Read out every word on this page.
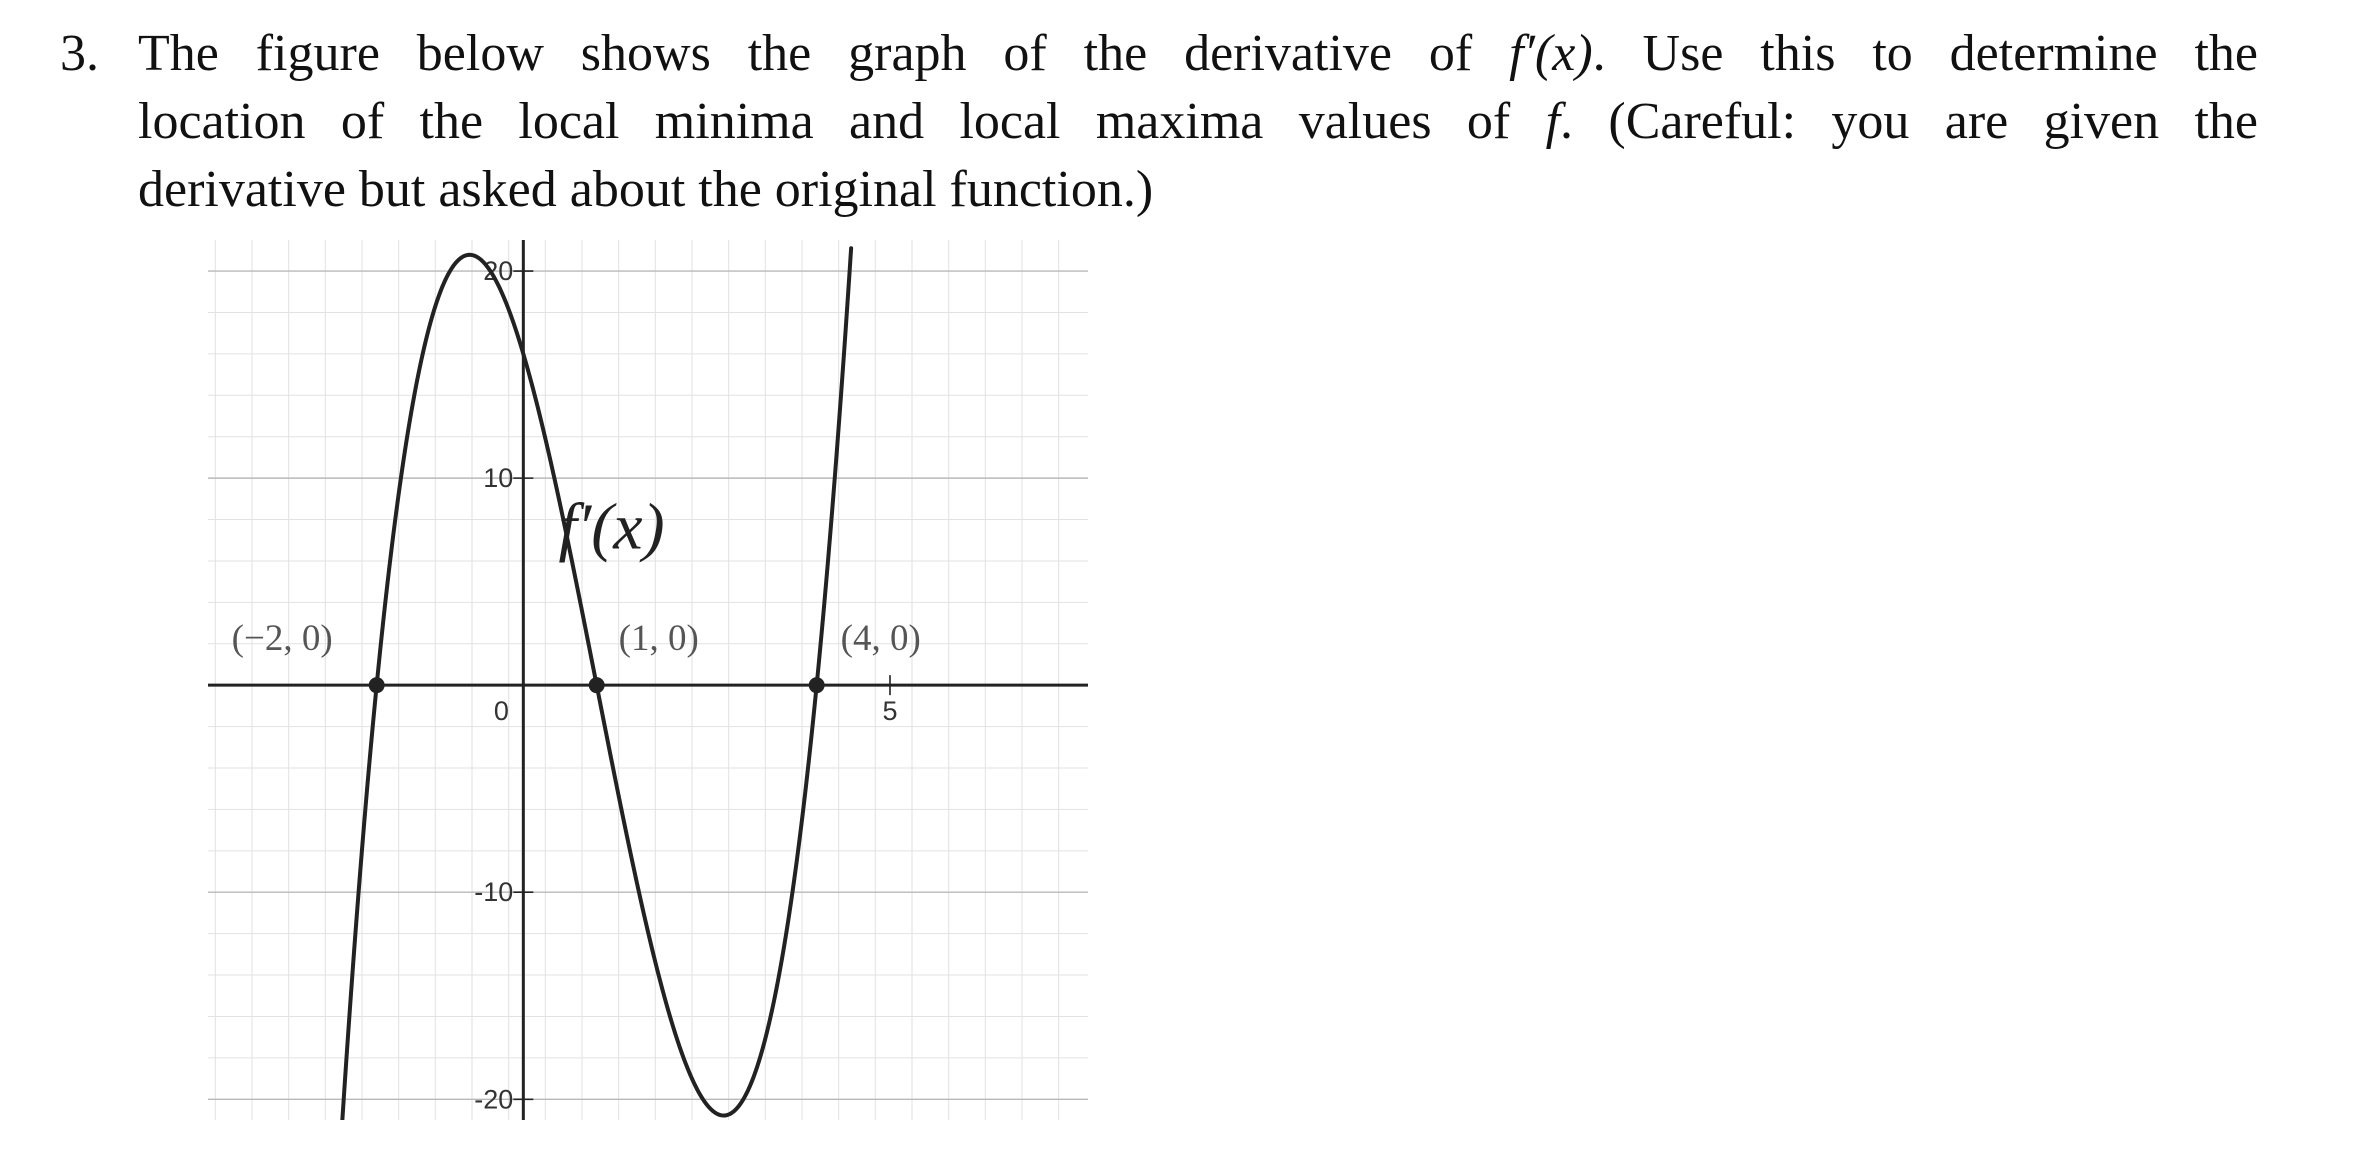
3. The figure below shows the graph of the derivative of f′(x). Use this to determine the
location of the local minima and local maxima values of f. (Careful: you are given the
derivative but asked about the original function.)
20
10
-10
-20
5
0
(−2, 0)	(1, 0)	(4, 0)
f′(x)
